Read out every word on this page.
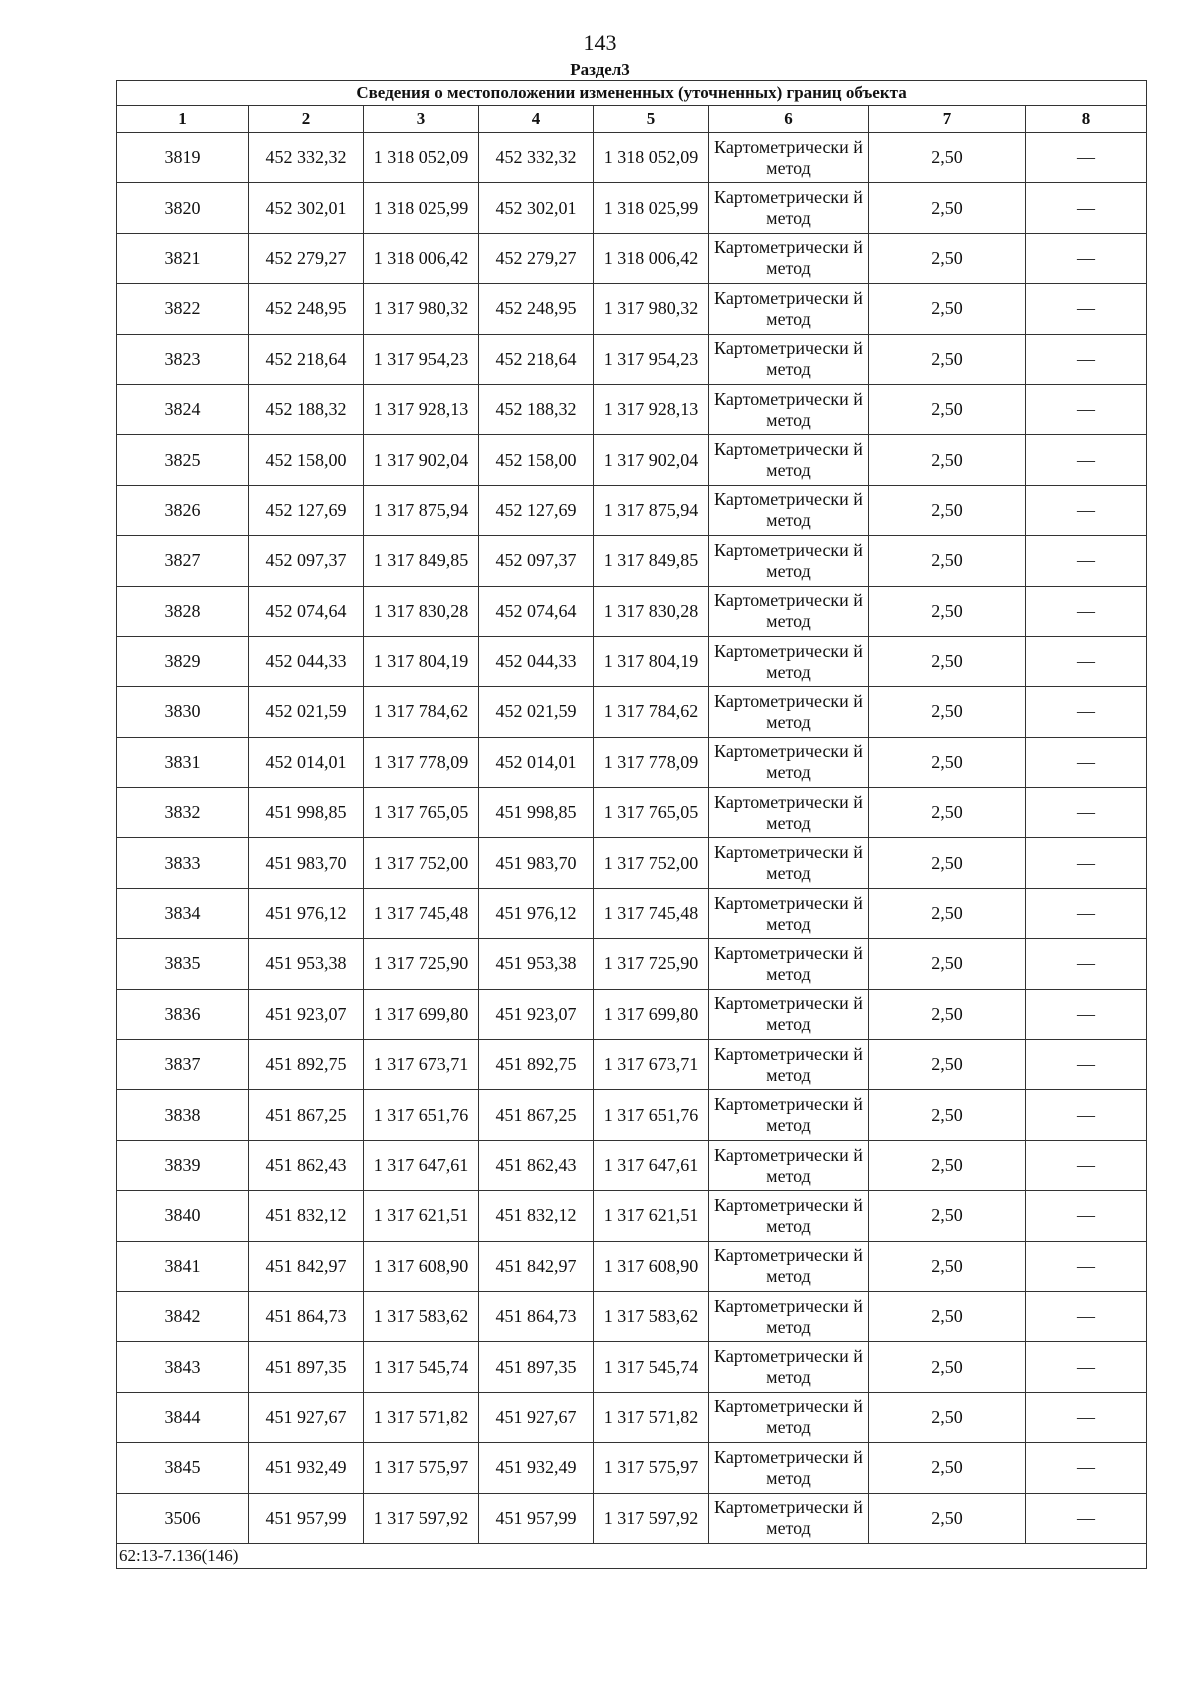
143
Раздел3
Сведения о местоположении измененных (уточненных) границ объекта							
1	2	3	4	5	6	7	8
3819	452 332,32	1 318 052,09	452 332,32	1 318 052,09	Картометрически й метод	2,50	—
3820	452 302,01	1 318 025,99	452 302,01	1 318 025,99	Картометрически й метод	2,50	—
3821	452 279,27	1 318 006,42	452 279,27	1 318 006,42	Картометрически й метод	2,50	—
3822	452 248,95	1 317 980,32	452 248,95	1 317 980,32	Картометрически й метод	2,50	—
3823	452 218,64	1 317 954,23	452 218,64	1 317 954,23	Картометрически й метод	2,50	—
3824	452 188,32	1 317 928,13	452 188,32	1 317 928,13	Картометрически й метод	2,50	—
3825	452 158,00	1 317 902,04	452 158,00	1 317 902,04	Картометрически й метод	2,50	—
3826	452 127,69	1 317 875,94	452 127,69	1 317 875,94	Картометрически й метод	2,50	—
3827	452 097,37	1 317 849,85	452 097,37	1 317 849,85	Картометрически й метод	2,50	—
3828	452 074,64	1 317 830,28	452 074,64	1 317 830,28	Картометрически й метод	2,50	—
3829	452 044,33	1 317 804,19	452 044,33	1 317 804,19	Картометрически й метод	2,50	—
3830	452 021,59	1 317 784,62	452 021,59	1 317 784,62	Картометрически й метод	2,50	—
3831	452 014,01	1 317 778,09	452 014,01	1 317 778,09	Картометрически й метод	2,50	—
3832	451 998,85	1 317 765,05	451 998,85	1 317 765,05	Картометрически й метод	2,50	—
3833	451 983,70	1 317 752,00	451 983,70	1 317 752,00	Картометрически й метод	2,50	—
3834	451 976,12	1 317 745,48	451 976,12	1 317 745,48	Картометрически й метод	2,50	—
3835	451 953,38	1 317 725,90	451 953,38	1 317 725,90	Картометрически й метод	2,50	—
3836	451 923,07	1 317 699,80	451 923,07	1 317 699,80	Картометрически й метод	2,50	—
3837	451 892,75	1 317 673,71	451 892,75	1 317 673,71	Картометрически й метод	2,50	—
3838	451 867,25	1 317 651,76	451 867,25	1 317 651,76	Картометрически й метод	2,50	—
3839	451 862,43	1 317 647,61	451 862,43	1 317 647,61	Картометрически й метод	2,50	—
3840	451 832,12	1 317 621,51	451 832,12	1 317 621,51	Картометрически й метод	2,50	—
3841	451 842,97	1 317 608,90	451 842,97	1 317 608,90	Картометрически й метод	2,50	—
3842	451 864,73	1 317 583,62	451 864,73	1 317 583,62	Картометрически й метод	2,50	—
3843	451 897,35	1 317 545,74	451 897,35	1 317 545,74	Картометрически й метод	2,50	—
3844	451 927,67	1 317 571,82	451 927,67	1 317 571,82	Картометрически й метод	2,50	—
3845	451 932,49	1 317 575,97	451 932,49	1 317 575,97	Картометрически й метод	2,50	—
3506	451 957,99	1 317 597,92	451 957,99	1 317 597,92	Картометрически й метод	2,50	—
62:13-7.136(146)							
